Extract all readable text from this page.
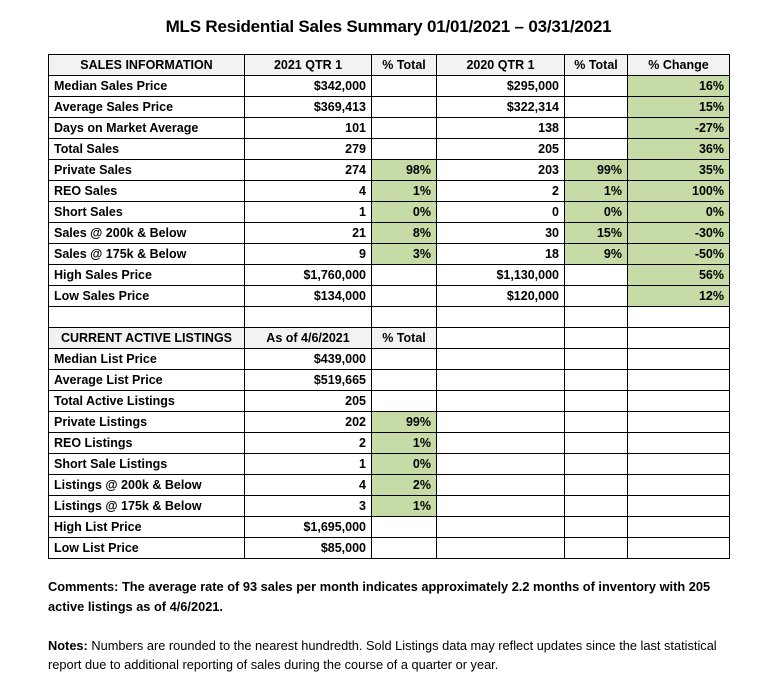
MLS Residential Sales Summary 01/01/2021 – 03/31/2021
SALES INFORMATION	2021 QTR 1	% Total	2020 QTR 1	% Total	% Change
Median Sales Price	$342,000		$295,000		16%
Average Sales Price	$369,413		$322,314		15%
Days on Market Average	101		138		-27%
Total Sales	279		205		36%
Private Sales	274	98%	203	99%	35%
REO Sales	4	1%	2	1%	100%
Short Sales	1	0%	0	0%	0%
Sales @ 200k & Below	21	8%	30	15%	-30%
Sales @ 175k & Below	9	3%	18	9%	-50%
High Sales Price	$1,760,000		$1,130,000		56%
Low Sales Price	$134,000		$120,000		12%

CURRENT ACTIVE LISTINGS	As of 4/6/2021	% Total			
Median List Price	$439,000				
Average List Price	$519,665				
Total Active Listings	205				
Private Listings	202	99%			
REO Listings	2	1%			
Short Sale Listings	1	0%			
Listings @ 200k & Below	4	2%			
Listings @ 175k & Below	3	1%			
High List Price	$1,695,000				
Low List Price	$85,000				
Comments: The average rate of 93 sales per month indicates approximately 2.2 months of inventory with 205 active listings as of 4/6/2021.
Notes: Numbers are rounded to the nearest hundredth. Sold Listings data may reflect updates since the last statistical report due to additional reporting of sales during the course of a quarter or year.
